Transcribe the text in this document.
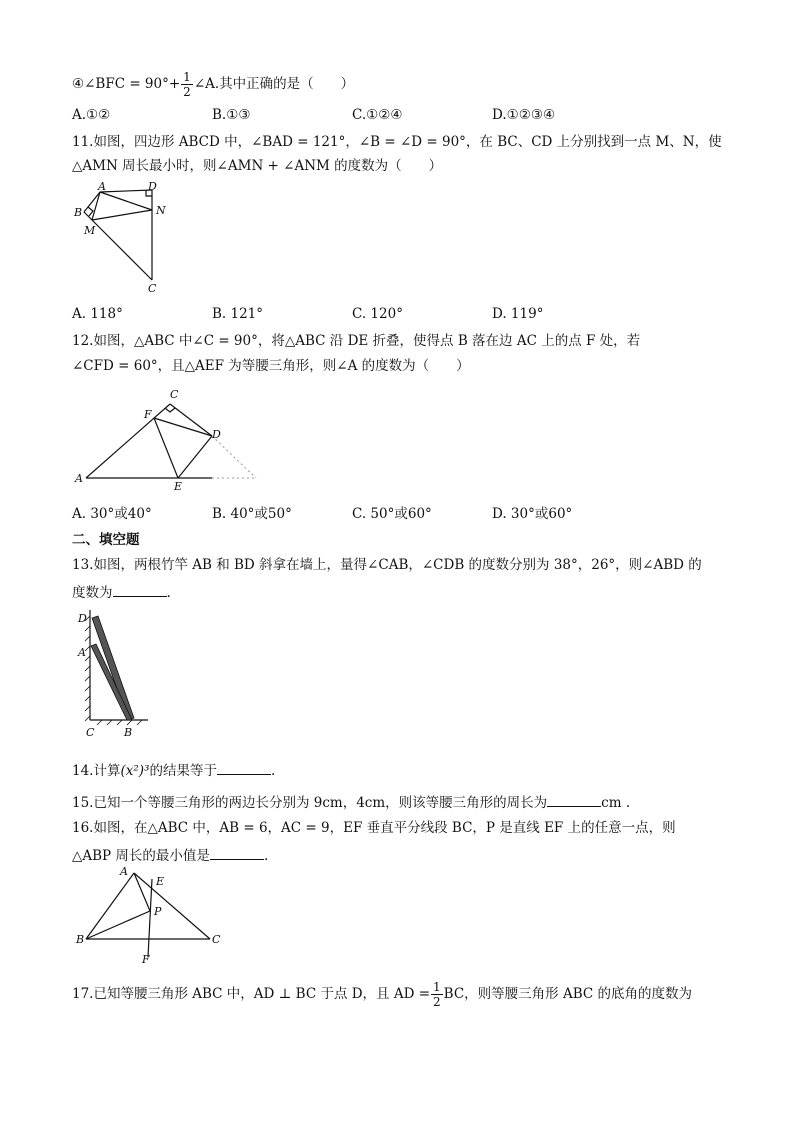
④∠BFC = $90^\circ+ \frac{1}{2}$ ∠A.其中正确的是（　　）
A.①②	B.①③	C.①②④	D.①②③④
11.如图，四边形 ABCD 中，∠BAD = 121°，∠B = ∠D = 90°，在 BC、CD 上分别找到一点 M、N，使
△AMN 周长最小时，则∠AMN + ∠ANM 的度数为（　　）
A	D
B	N
M
C
A. 118°	B. 121°	C. 120°	D. 119°
12.如图，△ABC 中∠C = 90°，将△ABC 沿 DE 折叠，使得点 B 落在边 AC 上的点 F 处，若
∠CFD = 60°，且△AEF 为等腰三角形，则∠A 的度数为（　　）
C
F
D
A
E
A. 30°或40°	B. 40°或50°	C. 50°或60°	D. 30°或60°
二、填空题
13.如图，两根竹竿 AB 和 BD 斜拿在墙上，量得∠CAB，∠CDB 的度数分别为 38°，26°，则∠ABD 的
度数为	.
D
A
C	B
14.计算(x²)³的结果等于	.
15.已知一个等腰三角形的两边长分别为 9cm，4cm，则该等腰三角形的周长为	cm .
16.如图，在△ABC 中，AB = 6，AC = 9，EF 垂直平分线段 BC，P 是直线 EF 上的任意一点，则
△ABP 周长的最小值是	.
A
E
P
B	C
F
17.已知等腰三角形 ABC 中，AD ⊥ BC 于点 D，且 AD = $\frac{1}{2}$ BC，则等腰三角形 ABC 的底角的度数为
